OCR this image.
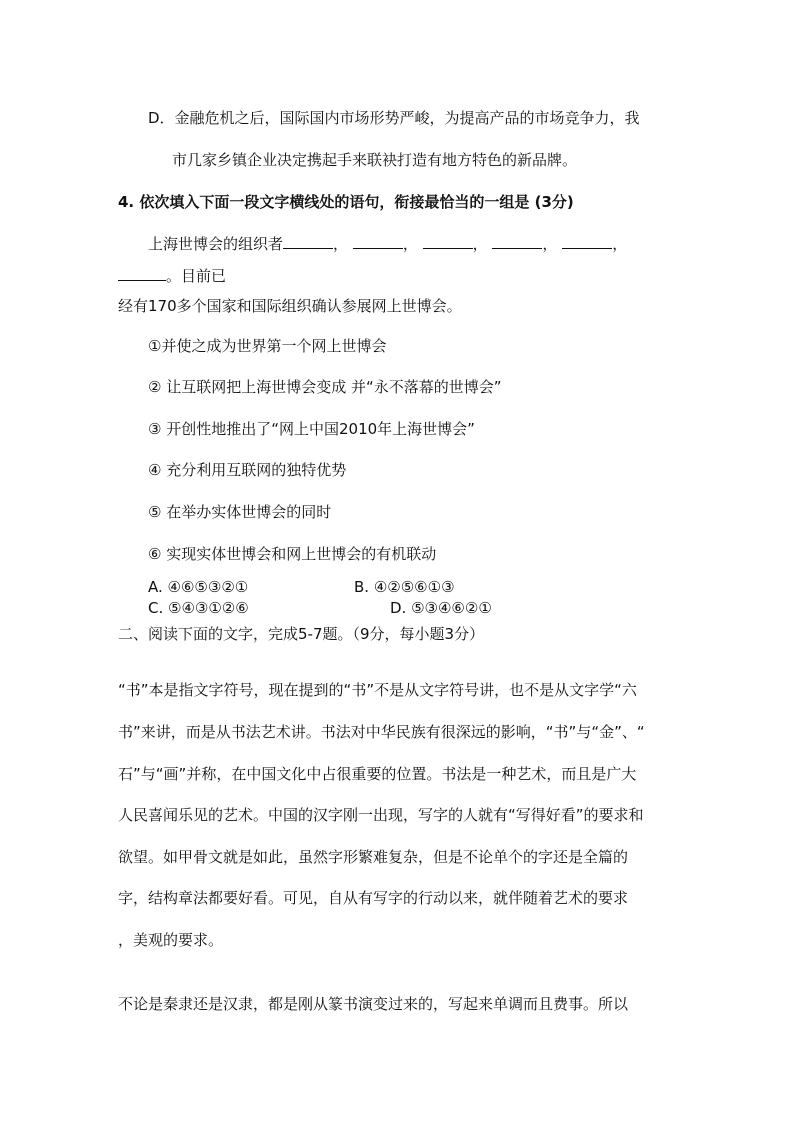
D．金融危机之后，国际国内市场形势严峻，为提高产品的市场竞争力，我
市几家乡镇企业决定携起手来联袂打造有地方特色的新品牌。
4. 依次填入下面一段文字横线处的语句，衔接最恰当的一组是 (3分)
上海世博会的组织者	，	，	，	，	，
。目前已
经有170多个国家和国际组织确认参展网上世博会。
①并使之成为世界第一个网上世博会
② 让互联网把上海世博会变成 并“永不落幕的世博会”
③ 开创性地推出了“网上中国2010年上海世博会”
④ 充分利用互联网的独特优势
⑤ 在举办实体世博会的同时
⑥ 实现实体世博会和网上世博会的有机联动
A. ④⑥⑤③②①	B. ④②⑤⑥①③
C. ⑤④③①②⑥	D. ⑤③④⑥②①
二、阅读下面的文字，完成5-7题。（9分，每小题3分）
“书”本是指文字符号，现在提到的“书”不是从文字符号讲，也不是从文字学“六
书”来讲，而是从书法艺术讲。书法对中华民族有很深远的影响，“书”与“金”、“
石”与“画”并称，在中国文化中占很重要的位置。书法是一种艺术，而且是广大
人民喜闻乐见的艺术。中国的汉字刚一出现，写字的人就有“写得好看”的要求和
欲望。如甲骨文就是如此，虽然字形繁难复杂，但是不论单个的字还是全篇的
字，结构章法都要好看。可见，自从有写字的行动以来，就伴随着艺术的要求
，美观的要求。
不论是秦隶还是汉隶，都是刚从篆书演变过来的，写起来单调而且费事。所以
